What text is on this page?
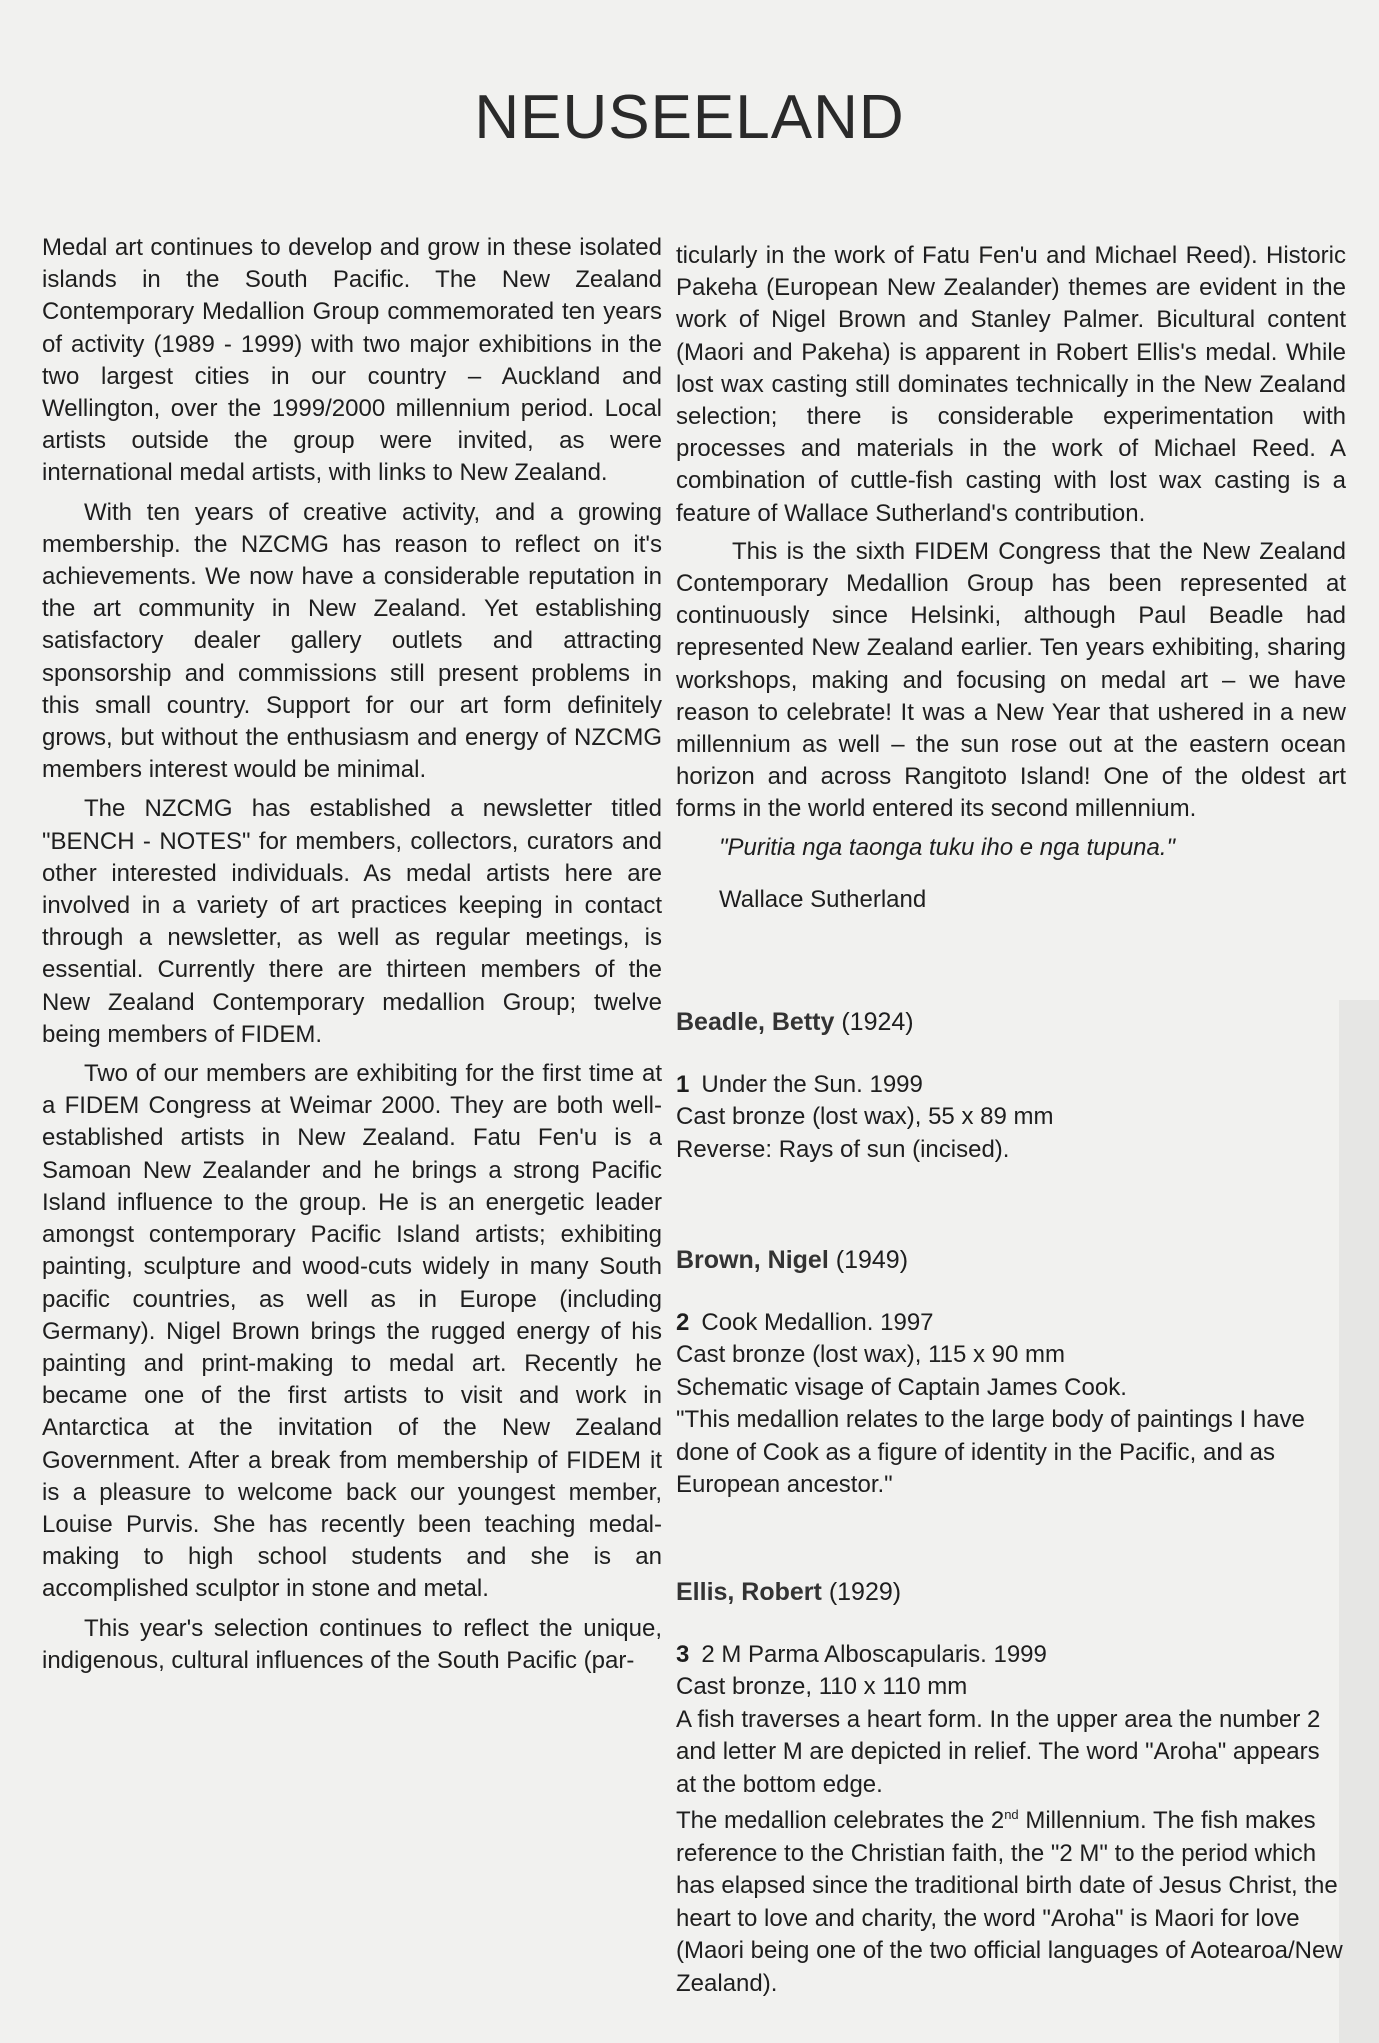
NEUSEELAND

Medal art continues to develop and grow in these isolated islands in the South Pacific. The New Zealand Contemporary Medallion Group commemorated ten years of activity (1989 - 1999) with two major exhibitions in the two largest cities in our country – Auckland and Wellington, over the 1999/2000 millennium period. Local artists outside the group were invited, as were international medal artists, with links to New Zealand.

With ten years of creative activity, and a growing membership. the NZCMG has reason to reflect on it's achievements. We now have a considerable reputation in the art community in New Zealand. Yet establishing satisfactory dealer gallery outlets and attracting sponsorship and commissions still present problems in this small country. Support for our art form definitely grows, but without the enthusiasm and energy of NZCMG members interest would be minimal.

The NZCMG has established a newsletter titled "BENCH - NOTES" for members, collectors, curators and other interested individuals. As medal artists here are involved in a variety of art practices keeping in contact through a newsletter, as well as regular meetings, is essential. Currently there are thirteen members of the New Zealand Contemporary medallion Group; twelve being members of FIDEM.

Two of our members are exhibiting for the first time at a FIDEM Congress at Weimar 2000. They are both well-established artists in New Zealand. Fatu Fen'u is a Samoan New Zealander and he brings a strong Pacific Island influence to the group. He is an energetic leader amongst contemporary Pacific Island artists; exhibiting painting, sculpture and wood-cuts widely in many South pacific countries, as well as in Europe (including Germany). Nigel Brown brings the rugged energy of his painting and print-making to medal art. Recently he became one of the first artists to visit and work in Antarctica at the invitation of the New Zealand Government. After a break from membership of FIDEM it is a pleasure to welcome back our youngest member, Louise Purvis. She has recently been teaching medal-making to high school students and she is an accomplished sculptor in stone and metal.

This year's selection continues to reflect the unique, indigenous, cultural influences of the South Pacific (par-

ticularly in the work of Fatu Fen'u and Michael Reed). Historic Pakeha (European New Zealander) themes are evident in the work of Nigel Brown and Stanley Palmer. Bicultural content (Maori and Pakeha) is apparent in Robert Ellis's medal. While lost wax casting still dominates technically in the New Zealand selection; there is considerable experimentation with processes and materials in the work of Michael Reed. A combination of cuttle-fish casting with lost wax casting is a feature of Wallace Sutherland's contribution.

This is the sixth FIDEM Congress that the New Zealand Contemporary Medallion Group has been represented at continuously since Helsinki, although Paul Beadle had represented New Zealand earlier. Ten years exhibiting, sharing workshops, making and focusing on medal art – we have reason to celebrate! It was a New Year that ushered in a new millennium as well – the sun rose out at the eastern ocean horizon and across Rangitoto Island! One of the oldest art forms in the world entered its second millennium.

"Puritia nga taonga tuku iho e nga tupuna."

Wallace Sutherland

Beadle, Betty (1924)
1 Under the Sun. 1999
Cast bronze (lost wax), 55 x 89 mm
Reverse: Rays of sun (incised).
Brown, Nigel (1949)
2 Cook Medallion. 1997
Cast bronze (lost wax), 115 x 90 mm
Schematic visage of Captain James Cook.
"This medallion relates to the large body of paintings I have done of Cook as a figure of identity in the Pacific, and as European ancestor."
Ellis, Robert (1929)
3 2 M Parma Alboscapularis. 1999
Cast bronze, 110 x 110 mm
A fish traverses a heart form. In the upper area the number 2 and letter M are depicted in relief. The word "Aroha" appears at the bottom edge.
The medallion celebrates the 2nd Millennium. The fish makes reference to the Christian faith, the "2 M" to the period which has elapsed since the traditional birth date of Jesus Christ, the heart to love and charity, the word "Aroha" is Maori for love (Maori being one of the two official languages of Aotearoa/New Zealand).
